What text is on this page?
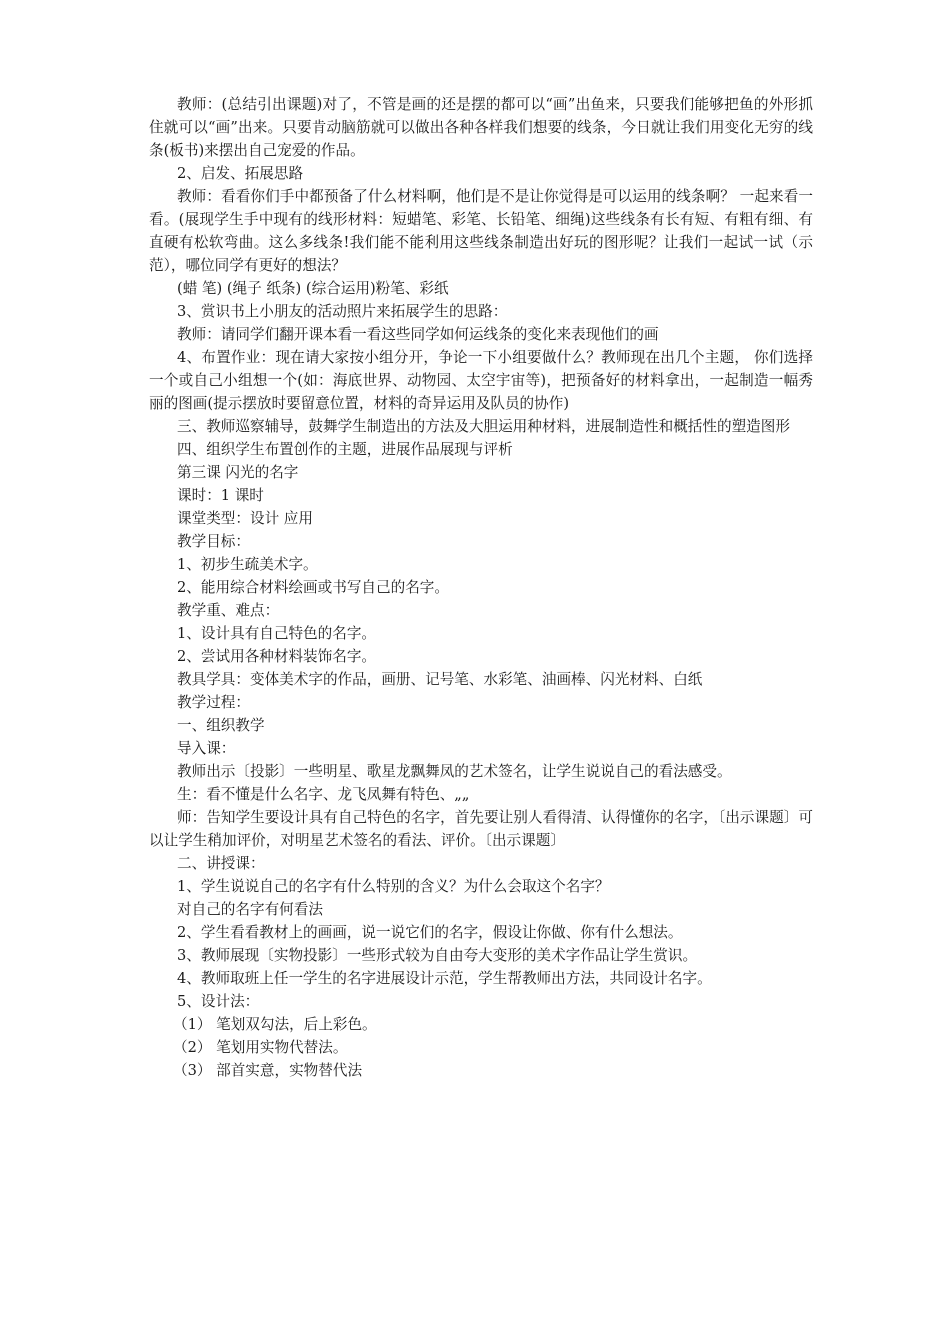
教师：(总结引出课题)对了，不管是画的还是摆的都可以“画”出鱼来，只要我们能够把鱼的外形抓住就可以“画”出来。只要肯动脑筋就可以做出各种各样我们想要的线条，今日就让我们用变化无穷的线条(板书)来摆出自己宠爱的作品。

2、启发、拓展思路

教师：看看你们手中都预备了什么材料啊，他们是不是让你觉得是可以运用的线条啊？ 一起来看一看。(展现学生手中现有的线形材料：短蜡笔、彩笔、长铅笔、细绳)这些线条有长有短、有粗有细、有直硬有松软弯曲。这么多线条!我们能不能利用这些线条制造出好玩的图形呢？让我们一起试一试（示范），哪位同学有更好的想法？

(蜡 笔) (绳子 纸条) (综合运用)粉笔、彩纸

3、赏识书上小朋友的活动照片来拓展学生的思路：

教师：请同学们翻开课本看一看这些同学如何运线条的变化来表现他们的画

4、布置作业：现在请大家按小组分开，争论一下小组要做什么？教师现在出几个主题， 你们选择一个或自己小组想一个(如：海底世界、动物园、太空宇宙等)，把预备好的材料拿出，一起制造一幅秀丽的图画(提示摆放时要留意位置，材料的奇异运用及队员的协作)

三、教师巡察辅导，鼓舞学生制造出的方法及大胆运用种材料，进展制造性和概括性的塑造图形

四、组织学生布置创作的主题，进展作品展现与评析

第三课 闪光的名字

课时：1 课时

课堂类型：设计 应用

教学目标：

1、初步生疏美术字。

2、能用综合材料绘画或书写自己的名字。

教学重、难点：

1、设计具有自己特色的名字。

2、尝试用各种材料装饰名字。

教具学具：变体美术字的作品，画册、记号笔、水彩笔、油画棒、闪光材料、白纸

教学过程：

一、组织教学

导入课：

教师出示〔投影〕一些明星、歌星龙飘舞凤的艺术签名，让学生说说自己的看法感受。

生：看不懂是什么名字、龙飞凤舞有特色、„„

师：告知学生要设计具有自己特色的名字，首先要让别人看得清、认得懂你的名字，〔出示课题〕可以让学生稍加评价，对明星艺术签名的看法、评价。〔出示课题〕

二、讲授课：

1、学生说说自己的名字有什么特别的含义？为什么会取这个名字？

对自己的名字有何看法

2、学生看看教材上的画画，说一说它们的名字，假设让你做、你有什么想法。

3、教师展现〔实物投影〕一些形式较为自由夸大变形的美术字作品让学生赏识。

4、教师取班上任一学生的名字进展设计示范，学生帮教师出方法，共同设计名字。

5、设计法：

（1） 笔划双勾法，后上彩色。

（2） 笔划用实物代替法。

（3） 部首实意，实物替代法
